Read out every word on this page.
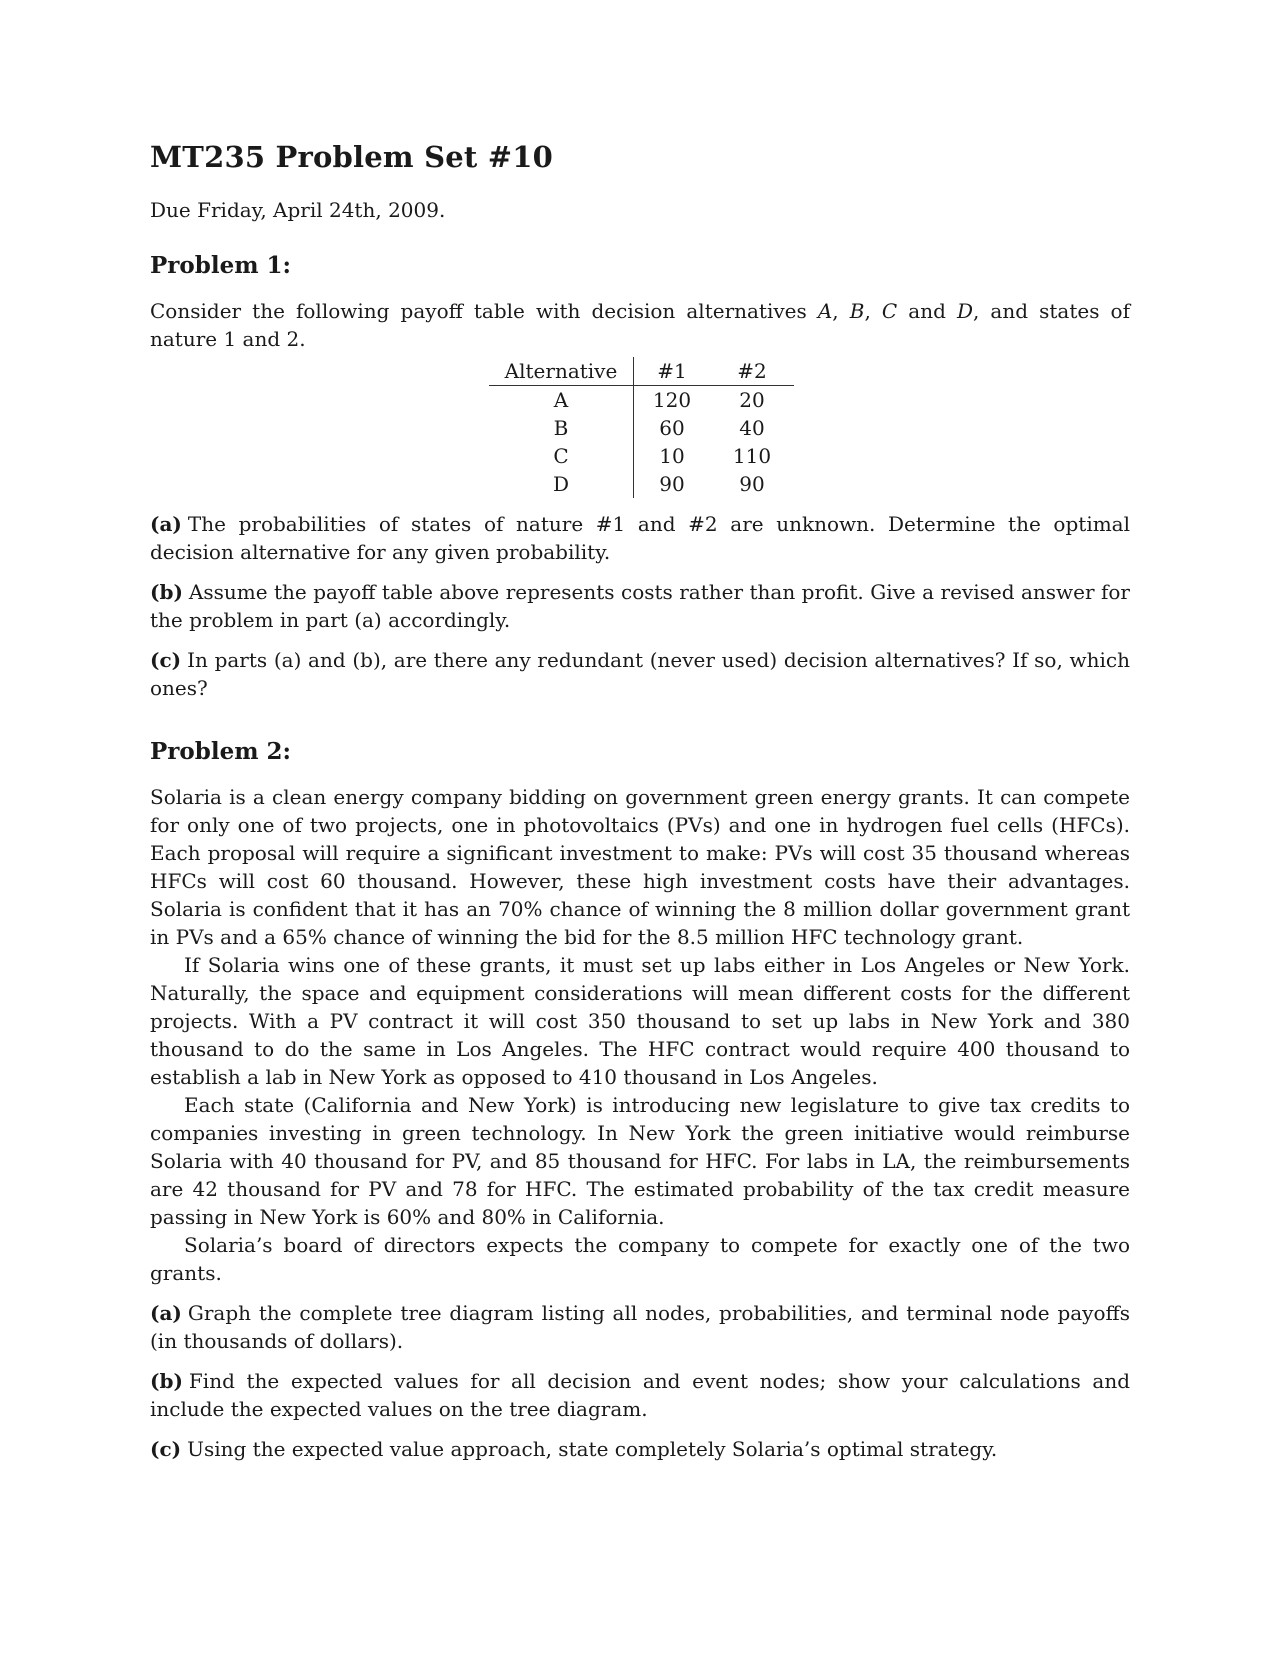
MT235 Problem Set #10
Due Friday, April 24th, 2009.
Problem 1:

Consider the following payoff table with decision alternatives A, B, C and D, and states of nature 1 and 2.

Alternative	#1	#2
A	120	20
B	60	40
C	10	110
D	90	90

(a) The probabilities of states of nature #1 and #2 are unknown. Determine the optimal decision alternative for any given probability.

(b) Assume the payoff table above represents costs rather than profit. Give a revised answer for the problem in part (a) accordingly.

(c) In parts (a) and (b), are there any redundant (never used) decision alternatives? If so, which ones?

Problem 2:

Solaria is a clean energy company bidding on government green energy grants. It can compete for only one of two projects, one in photovoltaics (PVs) and one in hydrogen fuel cells (HFCs). Each proposal will require a significant investment to make: PVs will cost 35 thousand whereas HFCs will cost 60 thousand. However, these high investment costs have their advantages. Solaria is confident that it has an 70% chance of winning the 8 million dollar government grant in PVs and a 65% chance of winning the bid for the 8.5 million HFC technology grant.

If Solaria wins one of these grants, it must set up labs either in Los Angeles or New York. Naturally, the space and equipment considerations will mean different costs for the different projects. With a PV contract it will cost 350 thousand to set up labs in New York and 380 thousand to do the same in Los Angeles. The HFC contract would require 400 thousand to establish a lab in New York as opposed to 410 thousand in Los Angeles.

Each state (California and New York) is introducing new legislature to give tax credits to companies investing in green technology. In New York the green initiative would reimburse Solaria with 40 thousand for PV, and 85 thousand for HFC. For labs in LA, the reimbursements are 42 thousand for PV and 78 for HFC. The estimated probability of the tax credit measure passing in New York is 60% and 80% in California.

Solaria’s board of directors expects the company to compete for exactly one of the two grants.

(a) Graph the complete tree diagram listing all nodes, probabilities, and terminal node payoffs (in thousands of dollars).

(b) Find the expected values for all decision and event nodes; show your calculations and include the expected values on the tree diagram.

(c) Using the expected value approach, state completely Solaria’s optimal strategy.
